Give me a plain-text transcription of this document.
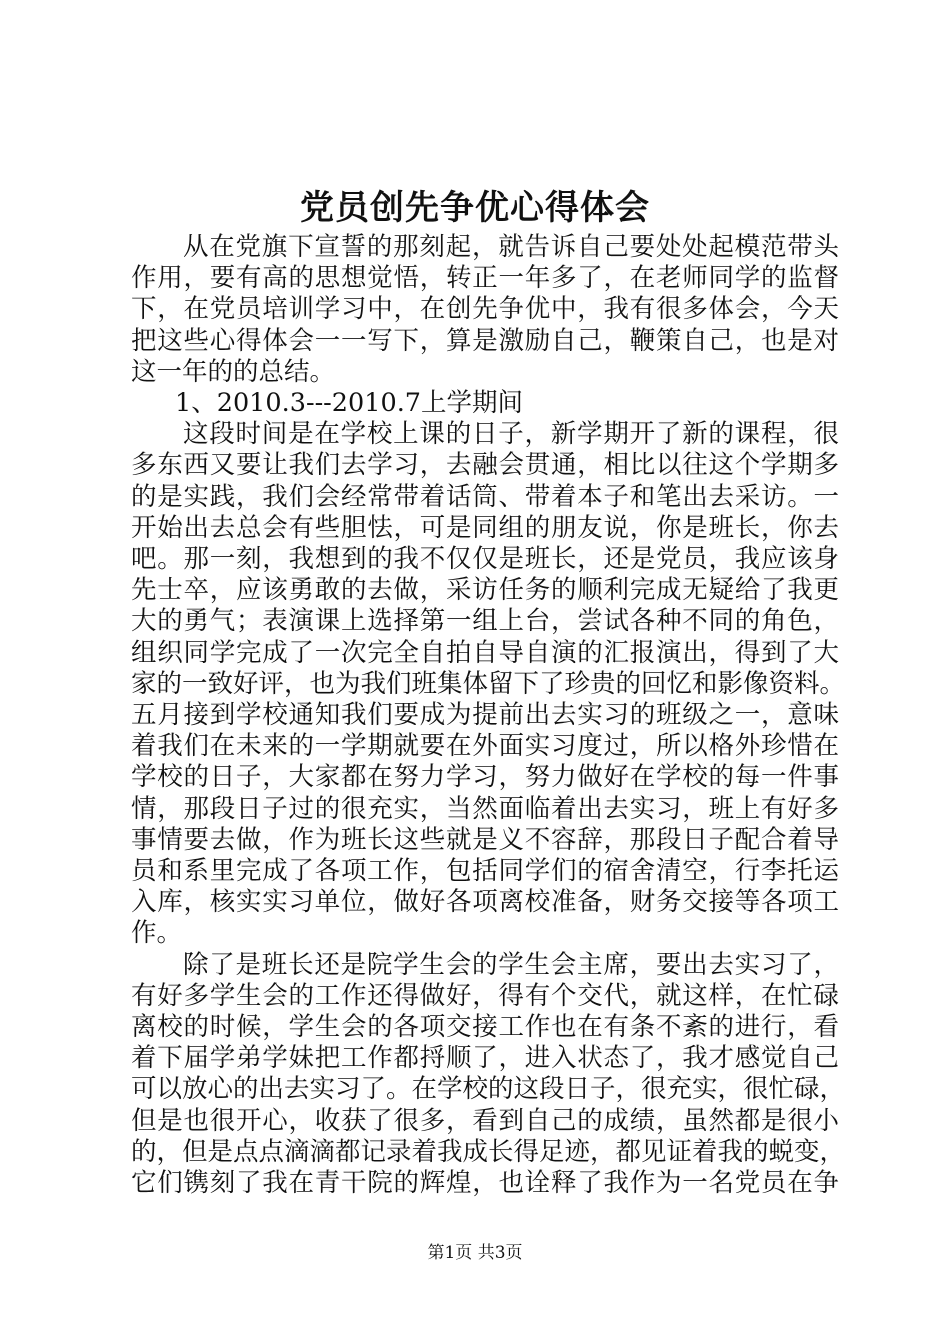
党员创先争优心得体会
从在党旗下宣誓的那刻起，就告诉自己要处处起模范带头
作用，要有高的思想觉悟，转正一年多了，在老师同学的监督
下，在党员培训学习中，在创先争优中，我有很多体会，今天
把这些心得体会一一写下，算是激励自己，鞭策自己，也是对
这一年的的总结。
1、2010.3---2010.7上学期间
这段时间是在学校上课的日子，新学期开了新的课程，很
多东西又要让我们去学习，去融会贯通，相比以往这个学期多
的是实践，我们会经常带着话筒、带着本子和笔出去采访。一
开始出去总会有些胆怯，可是同组的朋友说，你是班长，你去
吧。那一刻，我想到的我不仅仅是班长，还是党员，我应该身
先士卒，应该勇敢的去做，采访任务的顺利完成无疑给了我更
大的勇气；表演课上选择第一组上台，尝试各种不同的角色，
组织同学完成了一次完全自拍自导自演的汇报演出，得到了大
家的一致好评，也为我们班集体留下了珍贵的回忆和影像资料。
五月接到学校通知我们要成为提前出去实习的班级之一，意味
着我们在未来的一学期就要在外面实习度过，所以格外珍惜在
学校的日子，大家都在努力学习，努力做好在学校的每一件事
情，那段日子过的很充实，当然面临着出去实习，班上有好多
事情要去做，作为班长这些就是义不容辞，那段日子配合着导
员和系里完成了各项工作，包括同学们的宿舍清空，行李托运
入库，核实实习单位，做好各项离校准备，财务交接等各项工
作。
除了是班长还是院学生会的学生会主席，要出去实习了，
有好多学生会的工作还得做好，得有个交代，就这样，在忙碌
离校的时候，学生会的各项交接工作也在有条不紊的进行，看
着下届学弟学妹把工作都捋顺了，进入状态了，我才感觉自己
可以放心的出去实习了。在学校的这段日子，很充实，很忙碌，
但是也很开心，收获了很多，看到自己的成绩，虽然都是很小
的，但是点点滴滴都记录着我成长得足迹，都见证着我的蜕变，
它们镌刻了我在青干院的辉煌，也诠释了我作为一名党员在争
第1页 共3页
